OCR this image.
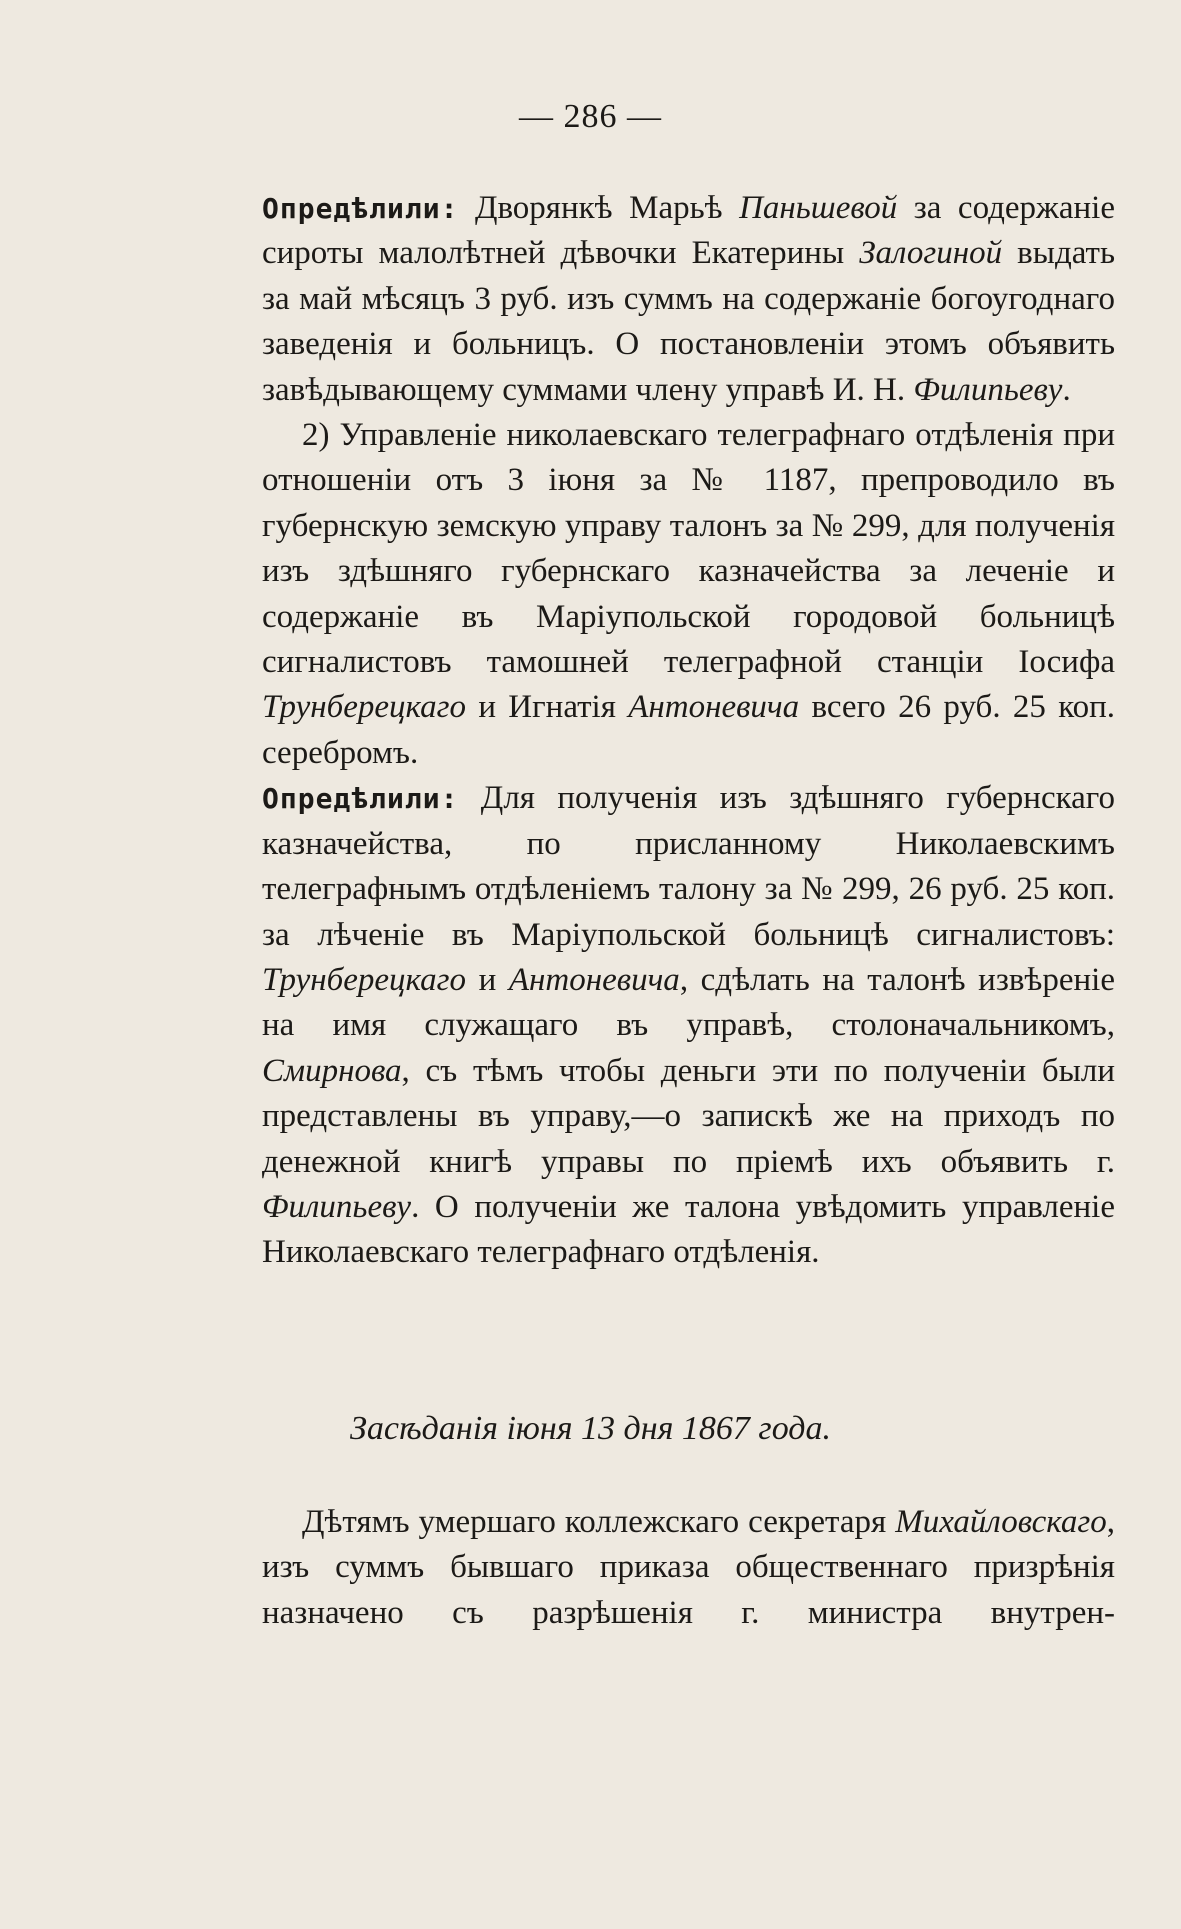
— 286 —

Опредѣлили: Дворянкѣ Марьѣ Паньшевой за содержаніе сироты малолѣтней дѣвочки Екатерины Залогиной выдать за май мѣсяцъ 3 руб. изъ суммъ на содержаніе богоугоднаго заведенія и больницъ. О постановленіи этомъ объявить завѣдывающему суммами члену управѣ И. Н. Филипьеву.

2) Управленіе николаевскаго телеграфнаго отдѣленія при отношеніи отъ 3 іюня за № 1187, препроводило въ губернскую земскую управу талонъ за № 299, для полученія изъ здѣшняго губернскаго казначейства за леченіе и содержаніе въ Маріупольской городовой больницѣ сигналистовъ тамошней телеграфной станціи Іосифа Трунберецкаго и Игнатія Антоневича всего 26 руб. 25 коп. серебромъ.

Опредѣлили: Для полученія изъ здѣшняго губернскаго казначейства, по присланному Николаевскимъ телеграфнымъ отдѣленіемъ талону за № 299, 26 руб. 25 коп. за лѣченіе въ Маріупольской больницѣ сигналистовъ: Трунберецкаго и Антоневича, сдѣлать на талонѣ извѣреніе на имя служащаго въ управѣ, столоначальникомъ, Смирнова, съ тѣмъ чтобы деньги эти по полученіи были представлены въ управу,—о запискѣ же на приходъ по денежной книгѣ управы по пріемѣ ихъ объявить г. Филипьеву. О полученіи же талона увѣдомить управленіе Николаевскаго телеграфнаго отдѣленія.

Засѣданія іюня 13 дня 1867 года.

Дѣтямъ умершаго коллежскаго секретаря Михайловскаго, изъ суммъ бывшаго приказа общественнаго призрѣнія назначено съ разрѣшенія г. министра внутрен-
